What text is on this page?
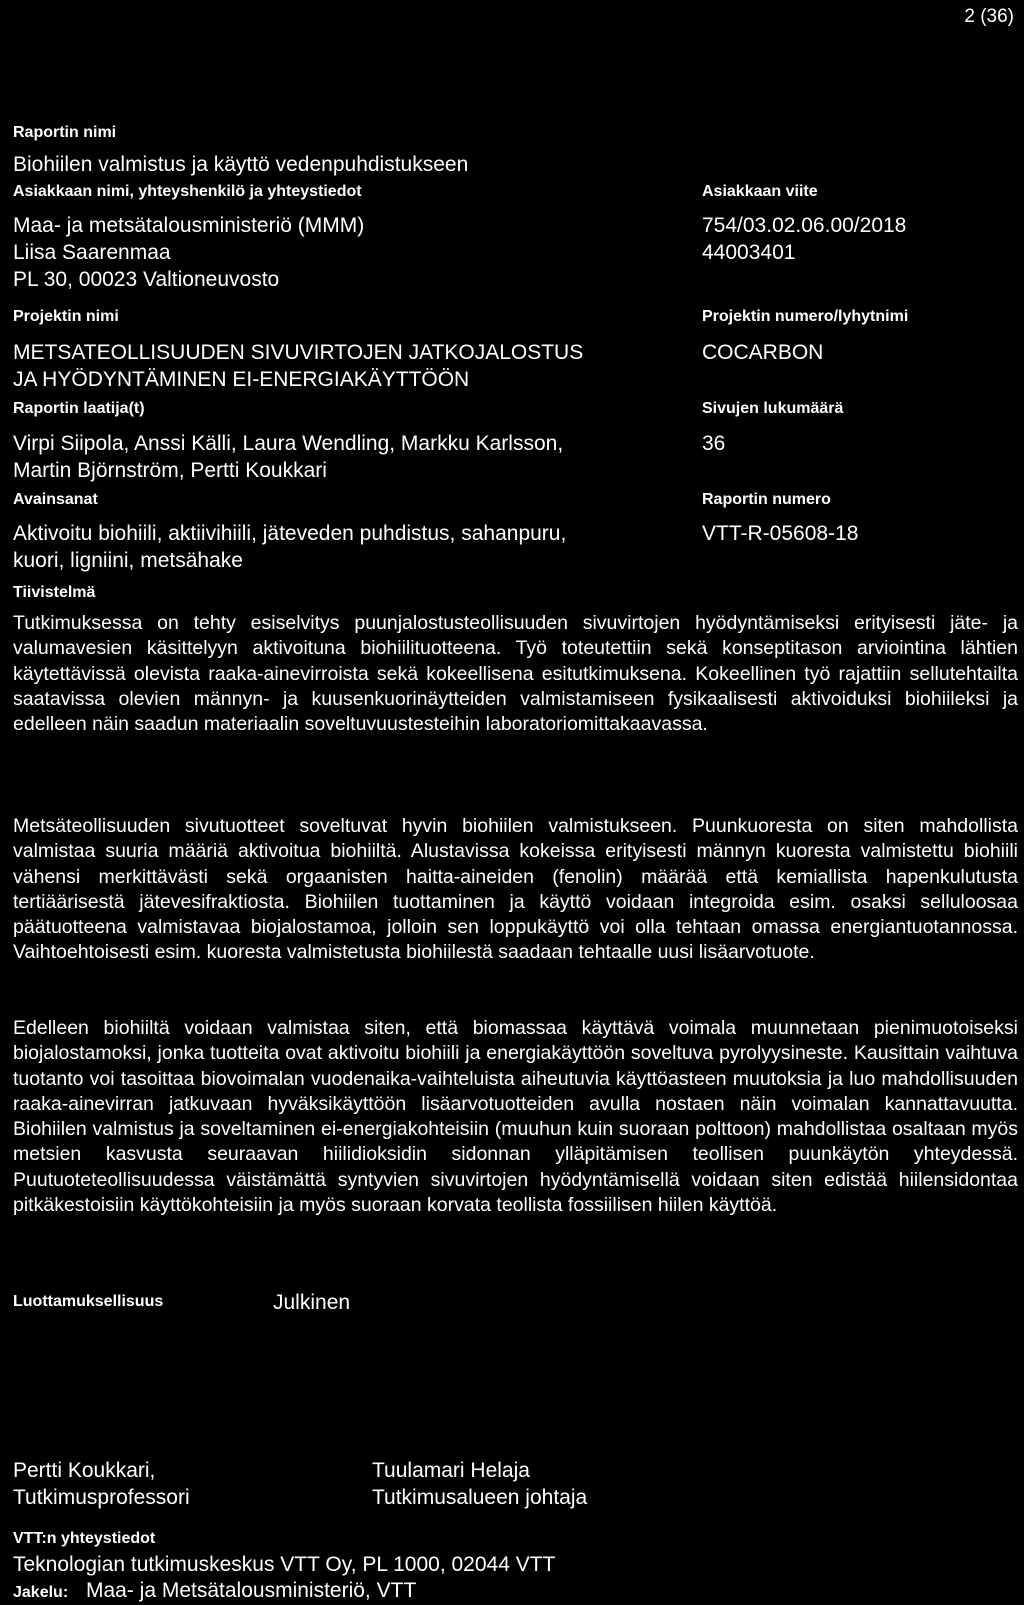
2 (36)
Raportin nimi
Biohiilen valmistus ja käyttö vedenpuhdistukseen
Asiakkaan nimi, yhteyshenkilö ja yhteystiedot
Maa- ja metsätalousministeriö (MMM)
Liisa Saarenmaa
PL 30, 00023 Valtioneuvosto
Asiakkaan viite
754/03.02.06.00/2018
44003401
Projektin nimi
METSATEOLLISUUDEN SIVUVIRTOJEN JATKOJALOSTUS
JA HYÖDYNTÄMINEN EI-ENERGIAKÄYTTÖÖN
Projektin numero/lyhytnimi
COCARBON
Raportin laatija(t)
Virpi Siipola, Anssi Källi, Laura Wendling, Markku Karlsson,
Martin Björnström, Pertti Koukkari
Sivujen lukumäärä
36
Avainsanat
Aktivoitu biohiili, aktiivihiili, jäteveden puhdistus, sahanpuru,
kuori, ligniini, metsähake
Raportin numero
VTT-R-05608-18
Tiivistelmä
Tutkimuksessa on tehty esiselvitys puunjalostusteollisuuden sivuvirtojen hyödyntämiseksi erityisesti jäte- ja valumavesien käsittelyyn aktivoituna biohiilituotteena. Työ toteutettiin sekä konseptitason arviointina lähtien käytettävissä olevista raaka-ainevirroista sekä kokeellisena esitutkimuksena. Kokeellinen työ rajattiin sellutehtailta saatavissa olevien männyn- ja kuusenkuorinäytteiden valmistamiseen fysikaalisesti aktivoiduksi biohiileksi ja edelleen näin saadun materiaalin soveltuvuustesteihin laboratoriomittakaavassa.
Metsäteollisuuden sivutuotteet soveltuvat hyvin biohiilen valmistukseen. Puunkuoresta on siten mahdollista valmistaa suuria määriä aktivoitua biohiiltä. Alustavissa kokeissa erityisesti männyn kuoresta valmistettu biohiili vähensi merkittävästi sekä orgaanisten haitta-aineiden (fenolin) määrää että kemiallista hapenkulutusta tertiäärisestä jätevesifraktiosta. Biohiilen tuottaminen ja käyttö voidaan integroida esim. osaksi selluloosaa päätuotteena valmistavaa biojalostamoa, jolloin sen loppukäyttö voi olla tehtaan omassa energiantuotannossa. Vaihtoehtoisesti esim. kuoresta valmistetusta biohiilestä saadaan tehtaalle uusi lisäarvotuote.
Edelleen biohiiltä voidaan valmistaa siten, että biomassaa käyttävä voimala muunnetaan pienimuotoiseksi biojalostamoksi, jonka tuotteita ovat aktivoitu biohiili ja energiakäyttöön soveltuva pyrolyysineste. Kausittain vaihtuva tuotanto voi tasoittaa biovoimalan vuodenaika-vaihteluista aiheutuvia käyttöasteen muutoksia ja luo mahdollisuuden raaka-ainevirran jatkuvaan hyväksikäyttöön lisäarvotuotteiden avulla nostaen näin voimalan kannattavuutta. Biohiilen valmistus ja soveltaminen ei-energiakohteisiin (muuhun kuin suoraan polttoon) mahdollistaa osaltaan myös metsien kasvusta seuraavan hiilidioksidin sidonnan ylläpitämisen teollisen puunkäytön yhteydessä. Puutuoteteollisuudessa väistämättä syntyvien sivuvirtojen hyödyntämisellä voidaan siten edistää hiilensidontaa pitkäkestoisiin käyttökohteisiin ja myös suoraan korvata teollista fossiilisen hiilen käyttöä.
Luottamuksellisuus	Julkinen
Pertti Koukkari,
Tutkimusprofessori
Tuulamari Helaja
Tutkimusalueen johtaja
VTT:n yhteystiedot
Teknologian tutkimuskeskus VTT Oy, PL 1000, 02044 VTT
Jakelu: Maa- ja Metsätalousministeriö, VTT
